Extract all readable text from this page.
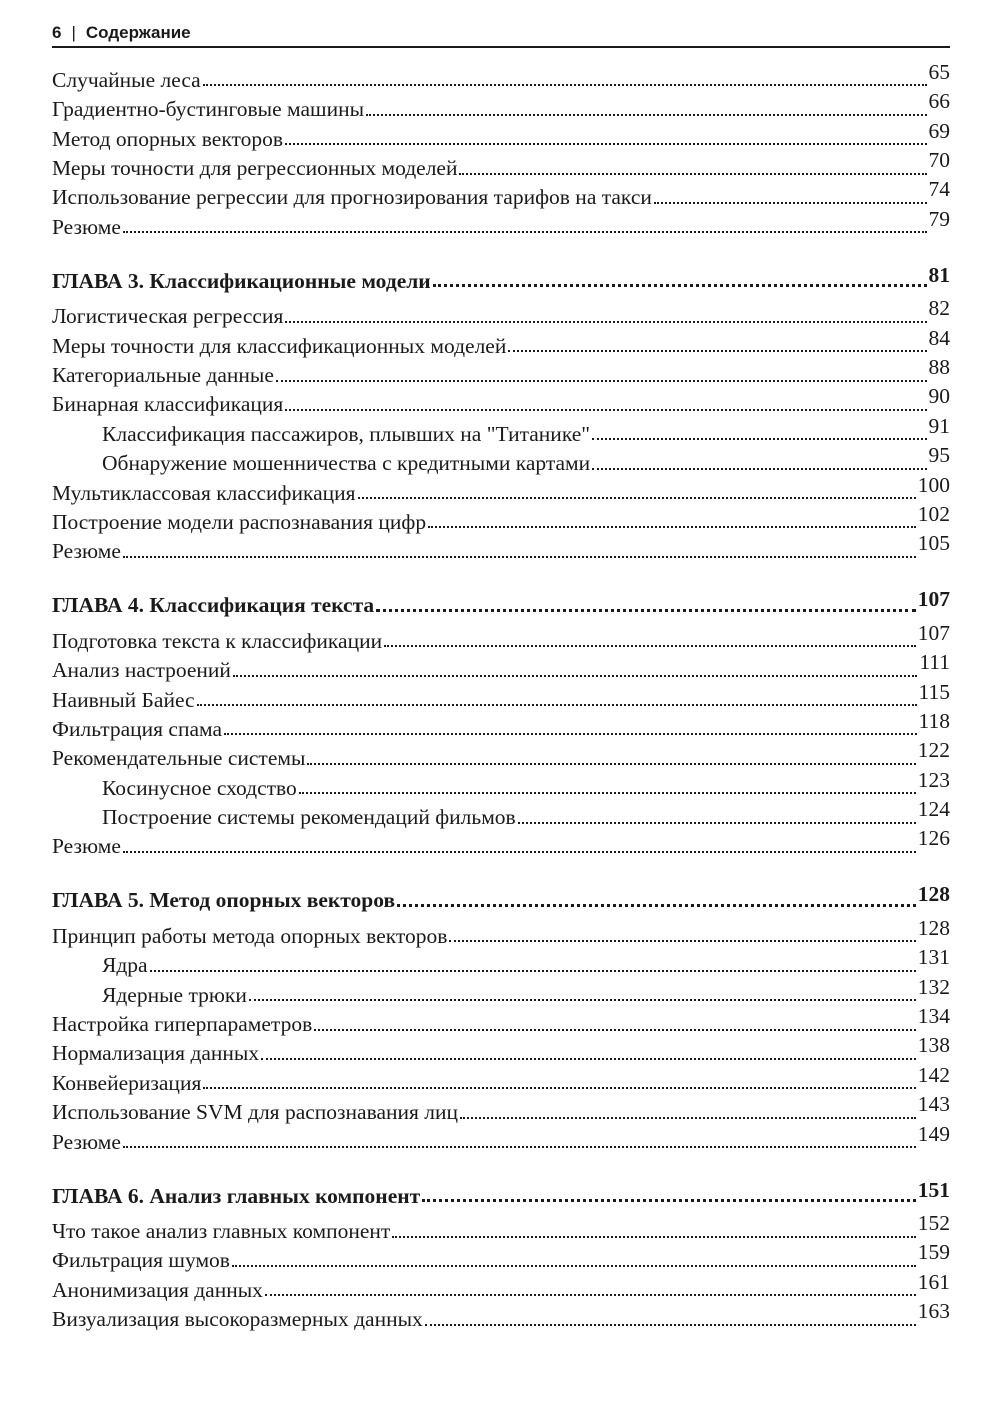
6 | Содержание
Случайные леса	65
Градиентно-бустинговые машины	66
Метод опорных векторов	69
Меры точности для регрессионных моделей	70
Использование регрессии для прогнозирования тарифов на такси	74
Резюме	79
ГЛАВА 3. Классификационные модели	81
Логистическая регрессия	82
Меры точности для классификационных моделей	84
Категориальные данные	88
Бинарная классификация	90
Классификация пассажиров, плывших на "Титанике"	91
Обнаружение мошенничества с кредитными картами	95
Мультиклассовая классификация	100
Построение модели распознавания цифр	102
Резюме	105
ГЛАВА 4. Классификация текста	107
Подготовка текста к классификации	107
Анализ настроений	111
Наивный Байес	115
Фильтрация спама	118
Рекомендательные системы	122
Косинусное сходство	123
Построение системы рекомендаций фильмов	124
Резюме	126
ГЛАВА 5. Метод опорных векторов	128
Принцип работы метода опорных векторов	128
Ядра	131
Ядерные трюки	132
Настройка гиперпараметров	134
Нормализация данных	138
Конвейеризация	142
Использование SVM для распознавания лиц	143
Резюме	149
ГЛАВА 6. Анализ главных компонент	151
Что такое анализ главных компонент	152
Фильтрация шумов	159
Анонимизация данных	161
Визуализация высокоразмерных данных	163
